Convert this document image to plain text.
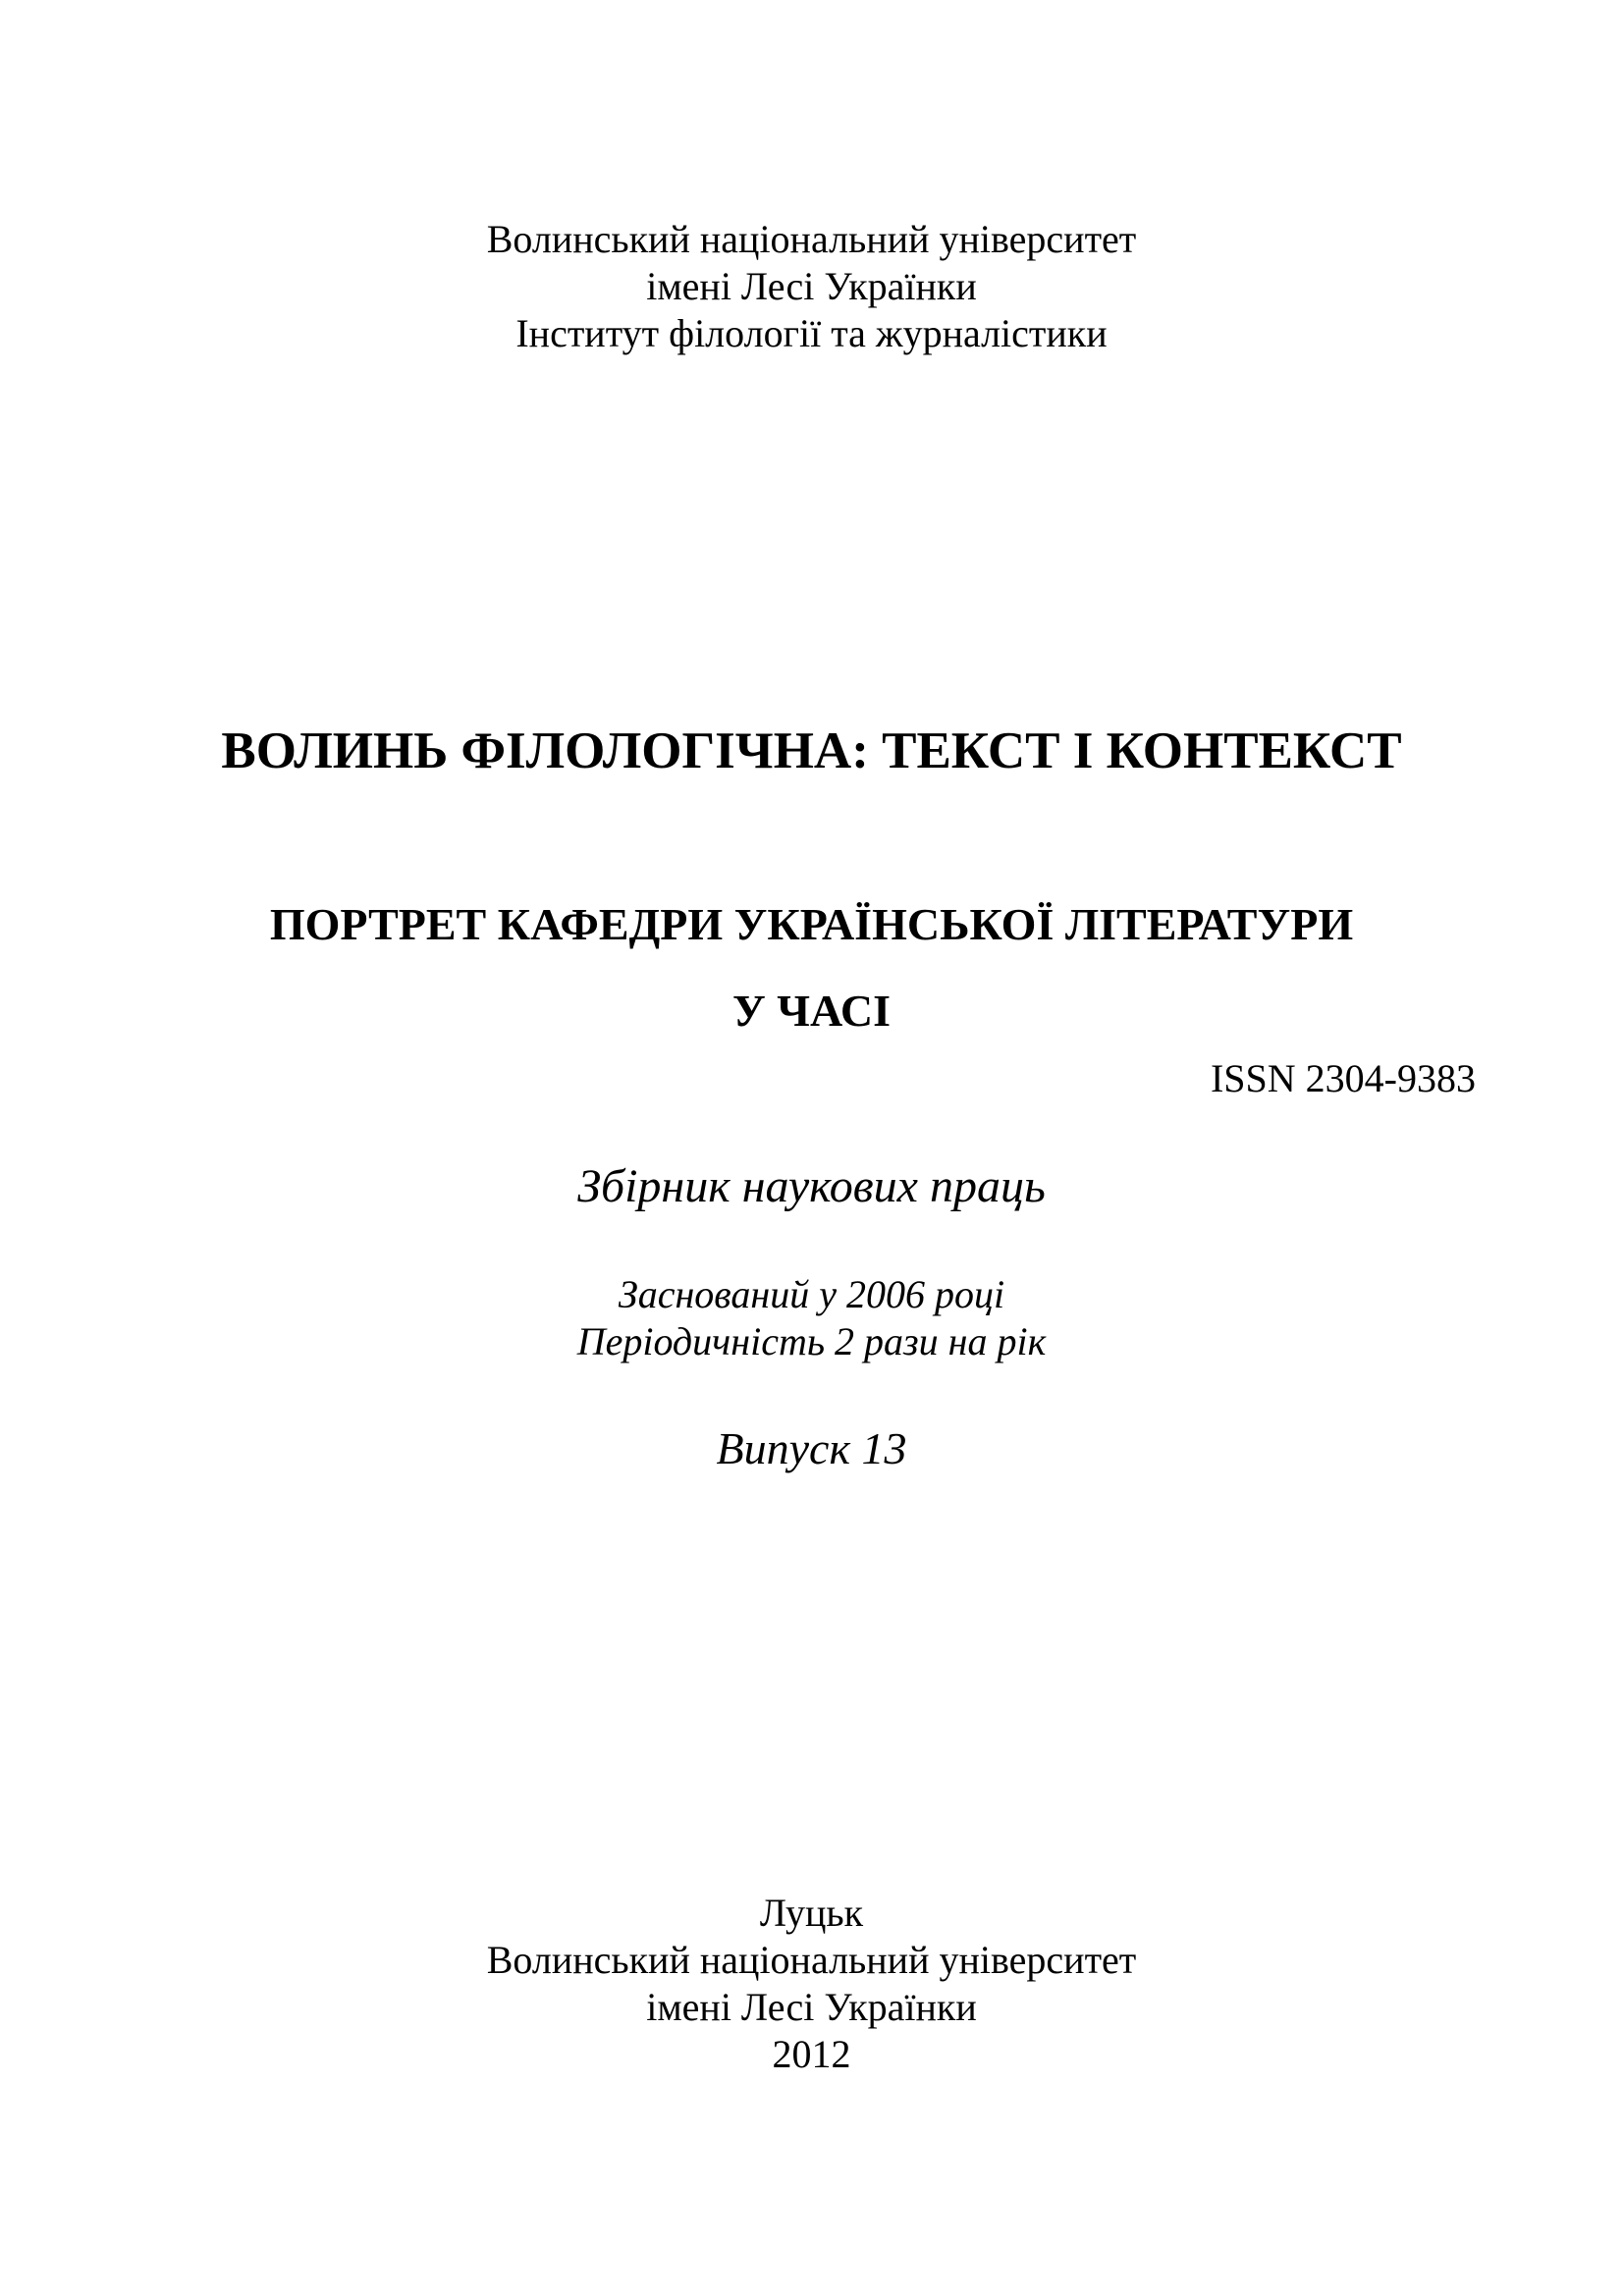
Волинський національний університет
імені Лесі Українки
Інститут філології та журналістики
ВОЛИНЬ ФІЛОЛОГІЧНА: ТЕКСТ І КОНТЕКСТ
ПОРТРЕТ КАФЕДРИ УКРАЇНСЬКОЇ ЛІТЕРАТУРИ
У ЧАСІ
ISSN 2304-9383
Збірник наукових праць
Заснований у 2006 році
Періодичність 2 рази на рік
Випуск 13
Луцьк
Волинський національний університет
імені Лесі Українки
2012
